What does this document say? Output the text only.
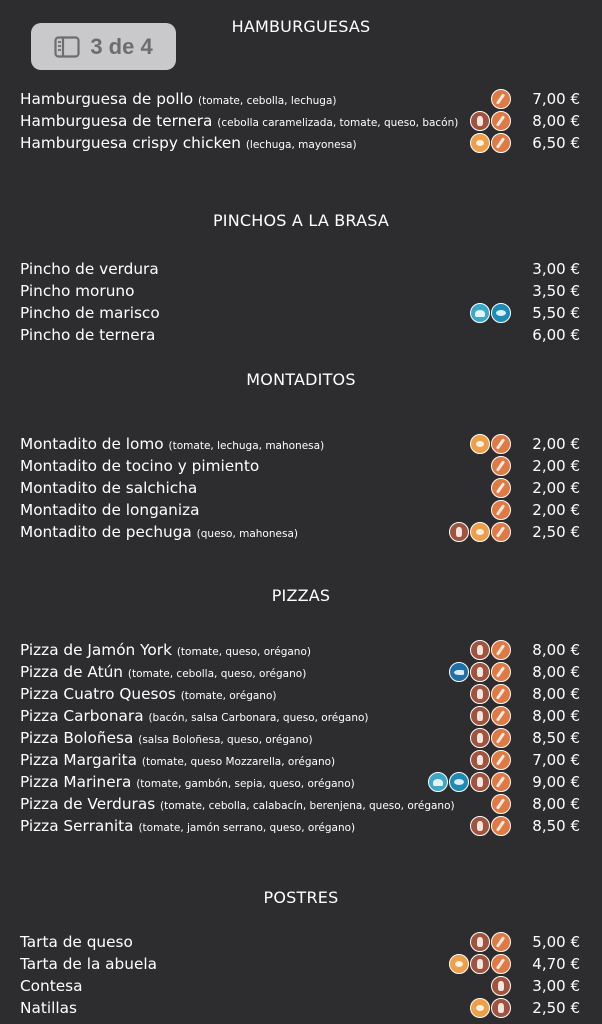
3 de 4
HAMBURGUESAS
Hamburguesa de pollo (tomate, cebolla, lechuga)	7,00 €
Hamburguesa de ternera (cebolla caramelizada, tomate, queso, bacón)	8,00 €
Hamburguesa crispy chicken (lechuga, mayonesa)	6,50 €
PINCHOS A LA BRASA
Pincho de verdura	3,00 €
Pincho moruno	3,50 €
Pincho de marisco	5,50 €
Pincho de ternera	6,00 €
MONTADITOS
Montadito de lomo (tomate, lechuga, mahonesa)	2,00 €
Montadito de tocino y pimiento	2,00 €
Montadito de salchicha	2,00 €
Montadito de longaniza	2,00 €
Montadito de pechuga (queso, mahonesa)	2,50 €
PIZZAS
Pizza de Jamón York (tomate, queso, orégano)	8,00 €
Pizza de Atún (tomate, cebolla, queso, orégano)	8,00 €
Pizza Cuatro Quesos (tomate, orégano)	8,00 €
Pizza Carbonara (bacón, salsa Carbonara, queso, orégano)	8,00 €
Pizza Boloñesa (salsa Boloñesa, queso, orégano)	8,50 €
Pizza Margarita (tomate, queso Mozzarella, orégano)	7,00 €
Pizza Marinera (tomate, gambón, sepia, queso, orégano)	9,00 €
Pizza de Verduras (tomate, cebolla, calabacín, berenjena, queso, orégano)	8,00 €
Pizza Serranita (tomate, jamón serrano, queso, orégano)	8,50 €
POSTRES
Tarta de queso	5,00 €
Tarta de la abuela	4,70 €
Contesa	3,00 €
Natillas	2,50 €
